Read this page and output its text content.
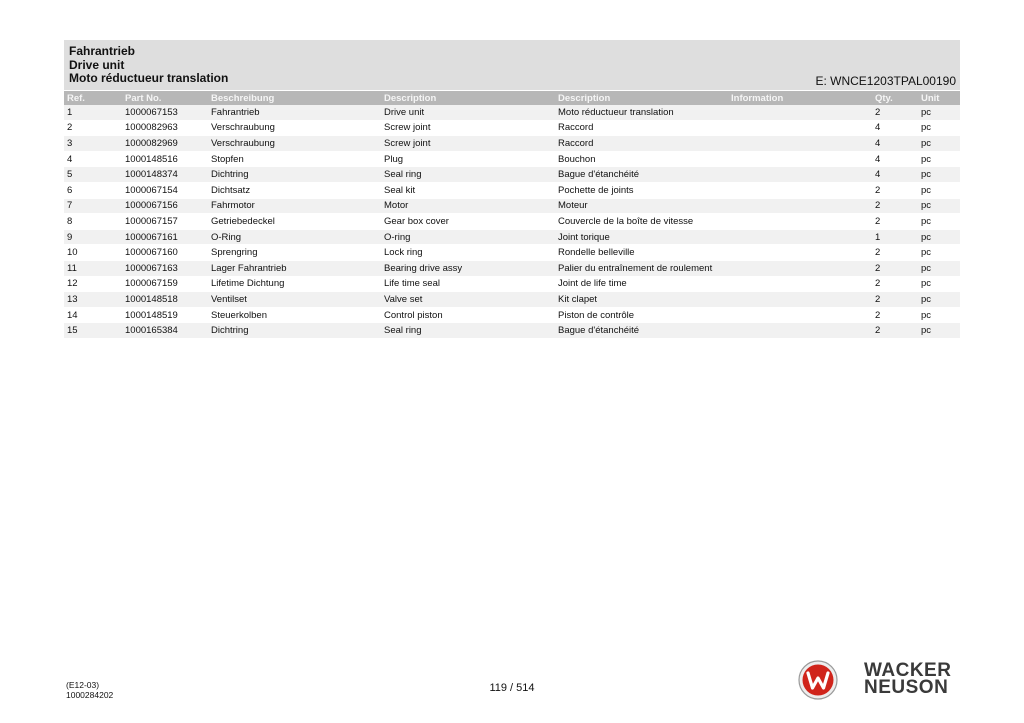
Fahrantrieb
Drive unit
Moto réductueur translation	E: WNCE1203TPAL00190
Ref.	Part No.	Beschreibung	Description	Description	Information	Qty.	Unit
1	1000067153	Fahrantrieb	Drive unit	Moto réductueur translation		2	pc
2	1000082963	Verschraubung	Screw joint	Raccord		4	pc
3	1000082969	Verschraubung	Screw joint	Raccord		4	pc
4	1000148516	Stopfen	Plug	Bouchon		4	pc
5	1000148374	Dichtring	Seal ring	Bague d'étanchéité		4	pc
6	1000067154	Dichtsatz	Seal kit	Pochette de joints		2	pc
7	1000067156	Fahrmotor	Motor	Moteur		2	pc
8	1000067157	Getriebedeckel	Gear box cover	Couvercle de la boîte de vitesse		2	pc
9	1000067161	O-Ring	O-ring	Joint torique		1	pc
10	1000067160	Sprengring	Lock ring	Rondelle belleville		2	pc
11	1000067163	Lager Fahrantrieb	Bearing drive assy	Palier du entraînement de roulement		2	pc
12	1000067159	Lifetime Dichtung	Life time seal	Joint de life time		2	pc
13	1000148518	Ventilset	Valve set	Kit clapet		2	pc
14	1000148519	Steuerkolben	Control piston	Piston de contrôle		2	pc
15	1000165384	Dichtring	Seal ring	Bague d'étanchéité		2	pc
(E12-03)
1000284202
119 / 514
WACKER
NEUSON
